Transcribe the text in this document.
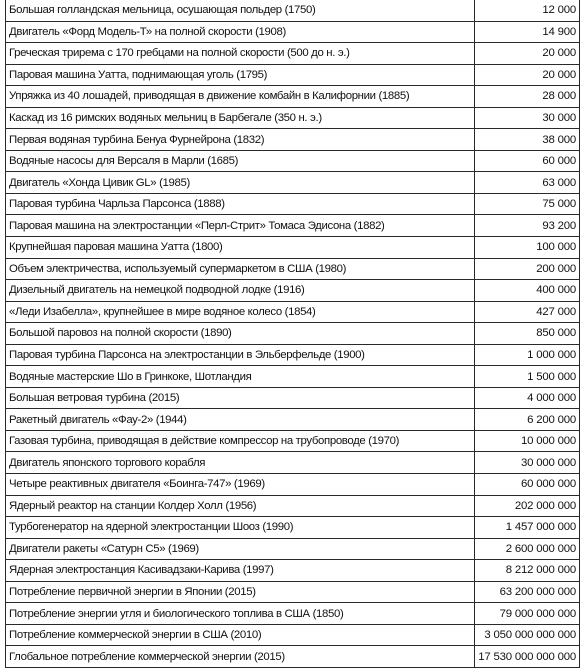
Большая голландская мельница, осушающая польдер (1750)	12 000
Двигатель «Форд Модель-Т» на полной скорости (1908)	14 900
Греческая трирема с 170 гребцами на полной скорости (500 до н. э.)	20 000
Паровая машина Уатта, поднимающая уголь (1795)	20 000
Упряжка из 40 лошадей, приводящая в движение комбайн в Калифорнии (1885)	28 000
Каскад из 16 римских водяных мельниц в Барбегале (350 н. э.)	30 000
Первая водяная турбина Бенуа Фурнейрона (1832)	38 000
Водяные насосы для Версаля в Марли (1685)	60 000
Двигатель «Хонда Цивик GL» (1985)	63 000
Паровая турбина Чарльза Парсонса (1888)	75 000
Паровая машина на электростанции «Перл-Стрит» Томаса Эдисона (1882)	93 200
Крупнейшая паровая машина Уатта (1800)	100 000
Объем электричества, используемый супермаркетом в США (1980)	200 000
Дизельный двигатель на немецкой подводной лодке (1916)	400 000
«Леди Изабелла», крупнейшее в мире водяное колесо (1854)	427 000
Большой паровоз на полной скорости (1890)	850 000
Паровая турбина Парсонса на электростанции в Эльберфельде (1900)	1 000 000
Водяные мастерские Шо в Гринкоке, Шотландия	1 500 000
Большая ветровая турбина (2015)	4 000 000
Ракетный двигатель «Фау-2» (1944)	6 200 000
Газовая турбина, приводящая в действие компрессор на трубопроводе (1970)	10 000 000
Двигатель японского торгового корабля	30 000 000
Четыре реактивных двигателя «Боинга-747» (1969)	60 000 000
Ядерный реактор на станции Колдер Холл (1956)	202 000 000
Турбогенератор на ядерной электростанции Шооз (1990)	1 457 000 000
Двигатели ракеты «Сатурн C5» (1969)	2 600 000 000
Ядерная электростанция Касивадзаки-Карива (1997)	8 212 000 000
Потребление первичной энергии в Японии (2015)	63 200 000 000
Потребление энергии угля и биологического топлива в США (1850)	79 000 000 000
Потребление коммерческой энергии в США (2010)	3 050 000 000 000
Глобальное потребление коммерческой энергии (2015)	17 530 000 000 000
